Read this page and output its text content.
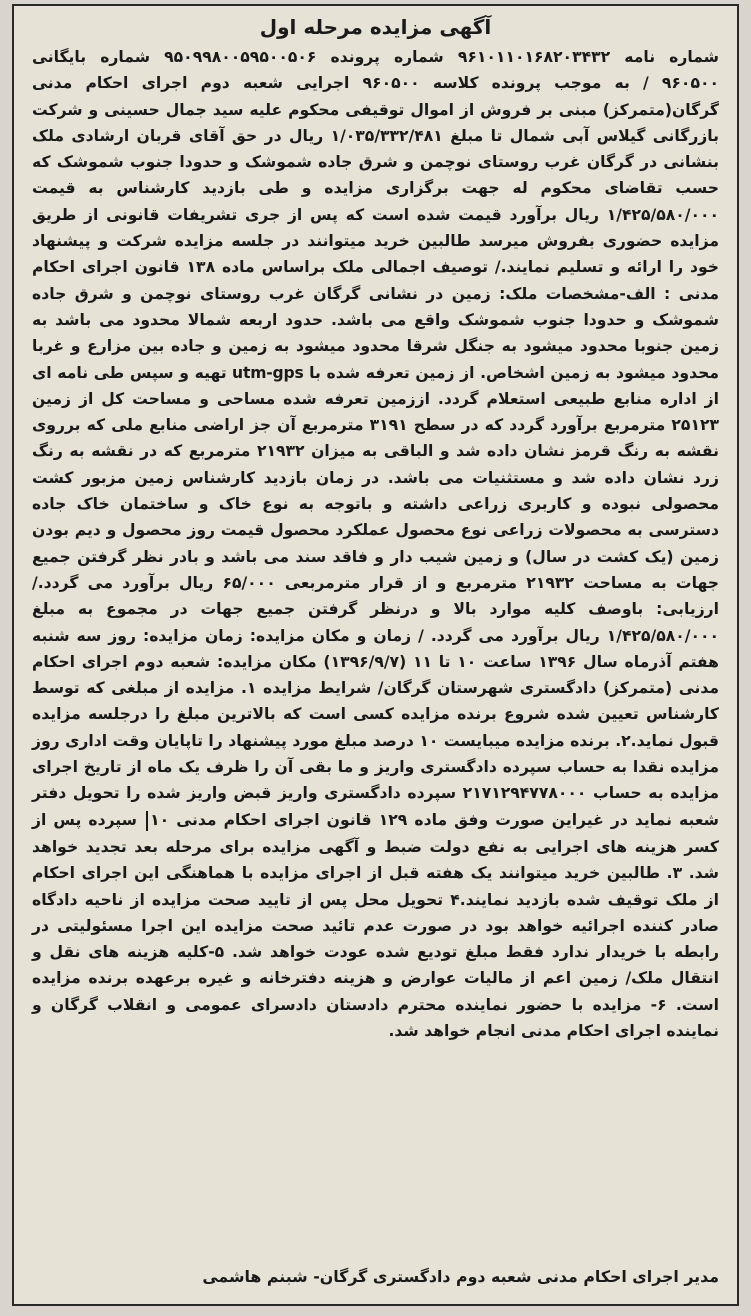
آگهی مزایده مرحله اول

شماره نامه ۹۶۱۰۱۱۰۱۶۸۲۰۳۴۳۲ شماره پرونده ۹۵۰۹۹۸۰۰۵۹۵۰۰۵۰۶ شماره بایگانی ۹۶۰۵۰۰ / به موجب پرونده کلاسه ۹۶۰۵۰۰ اجرایی شعبه دوم اجرای احکام مدنی گرگان(متمرکز) مبنی بر فروش از اموال توقیفی محکوم علیه سید جمال حسینی و شرکت بازرگانی گیلاس آبی شمال تا مبلغ ۱/۰۳۵/۳۳۲/۴۸۱ ریال در حق آقای قربان ارشادی ملک بنشانی در گرگان غرب روستای نوچمن و شرق جاده شموشک و حدودا جنوب شموشک که حسب تقاضای محکوم له جهت برگزاری مزایده و طی بازدید کارشناس به قیمت ۱/۴۲۵/۵۸۰/۰۰۰ ریال برآورد قیمت شده است که پس از جری تشریفات قانونی از طریق مزایده حضوری بفروش میرسد طالبین خرید میتوانند در جلسه مزایده شرکت و پیشنهاد خود را ارائه و تسلیم نمایند./ توصیف اجمالی ملک براساس ماده ۱۳۸ قانون اجرای احکام مدنی : الف-مشخصات ملک: زمین در نشانی گرگان غرب روستای نوچمن و شرق جاده شموشک و حدودا جنوب شموشک واقع می باشد. حدود اربعه شمالا محدود می باشد به زمین جنوبا محدود میشود به جنگل شرقا محدود میشود به زمین و جاده بین مزارع و غربا محدود میشود به زمین اشخاص. از زمین تعرفه شده با utm-gps تهیه و سپس طی نامه ای از اداره منابع طبیعی استعلام گردد. اززمین تعرفه شده مساحی و مساحت کل از زمین ۲۵۱۲۳ مترمربع برآورد گردد که در سطح ۳۱۹۱ مترمربع آن جز اراضی منابع ملی که برروی نقشه به رنگ قرمز نشان داده شد و الباقی به میزان ۲۱۹۳۲ مترمربع که در نقشه به رنگ زرد نشان داده شد و مستثنیات می باشد. در زمان بازدید کارشناس زمین مزبور کشت محصولی نبوده و کاربری زراعی داشته و باتوجه به نوع خاک و ساختمان خاک جاده دسترسی به محصولات زراعی نوع محصول عملکرد محصول قیمت روز محصول و دیم بودن زمین (یک کشت در سال) و زمین شیب دار و فاقد سند می باشد و بادر نظر گرفتن جمیع جهات به مساحت ۲۱۹۳۲ مترمربع و از قرار مترمربعی ۶۵/۰۰۰ ریال برآورد می گردد./ارزیابی: باوصف کلیه موارد بالا و درنظر گرفتن جمیع جهات در مجموع به مبلغ ۱/۴۲۵/۵۸۰/۰۰۰ ریال برآورد می گردد. / زمان و مکان مزایده: زمان مزایده: روز سه شنبه هفتم آذرماه سال ۱۳۹۶ ساعت ۱۰ تا ۱۱ (۱۳۹۶/۹/۷) مکان مزایده: شعبه دوم اجرای احکام مدنی (متمرکز) دادگستری شهرستان گرگان/ شرایط مزایده ۱. مزایده از مبلغی که توسط کارشناس تعیین شده شروع برنده مزایده کسی است که بالاترین مبلغ را درجلسه مزایده قبول نماید.۲. برنده مزایده میبایست ۱۰ درصد مبلغ مورد پیشنهاد را تاپایان وقت اداری روز مزایده نقدا به حساب سپرده دادگستری واریز و ما بقی آن را ظرف یک ماه از تاریخ اجرای مزایده به حساب ۲۱۷۱۲۹۴۷۷۸۰۰۰ سپرده دادگستری واریز قبض واریز شده را تحویل دفتر شعبه نماید در غیراین صورت وفق ماده ۱۲۹ قانون اجرای احکام مدنی ۱۰ سپرده پس از کسر هزینه های اجرایی به نفع دولت ضبط و آگهی مزایده برای مرحله بعد تجدید خواهد شد. ۳. طالبین خرید میتوانند یک هفته قبل از اجرای مزایده با هماهنگی این اجرای احکام از ملک توقیف شده بازدید نمایند.۴ تحویل محل پس از تایید صحت مزایده از ناحیه دادگاه صادر کننده اجرائیه خواهد بود در صورت عدم تائید صحت مزایده این اجرا مسئولیتی در رابطه با خریدار ندارد فقط مبلغ تودیع شده عودت خواهد شد. ۵-کلیه هزینه های نقل و انتقال ملک/ زمین اعم از مالیات عوارض و هزینه دفترخانه و غیره برعهده برنده مزایده است. ۶- مزایده با حضور نماینده محترم دادستان دادسرای عمومی و انقلاب گرگان و نماینده اجرای احکام مدنی انجام خواهد شد.

مدیر اجرای احکام مدنی شعبه دوم دادگستری گرگان- شبنم هاشمی
